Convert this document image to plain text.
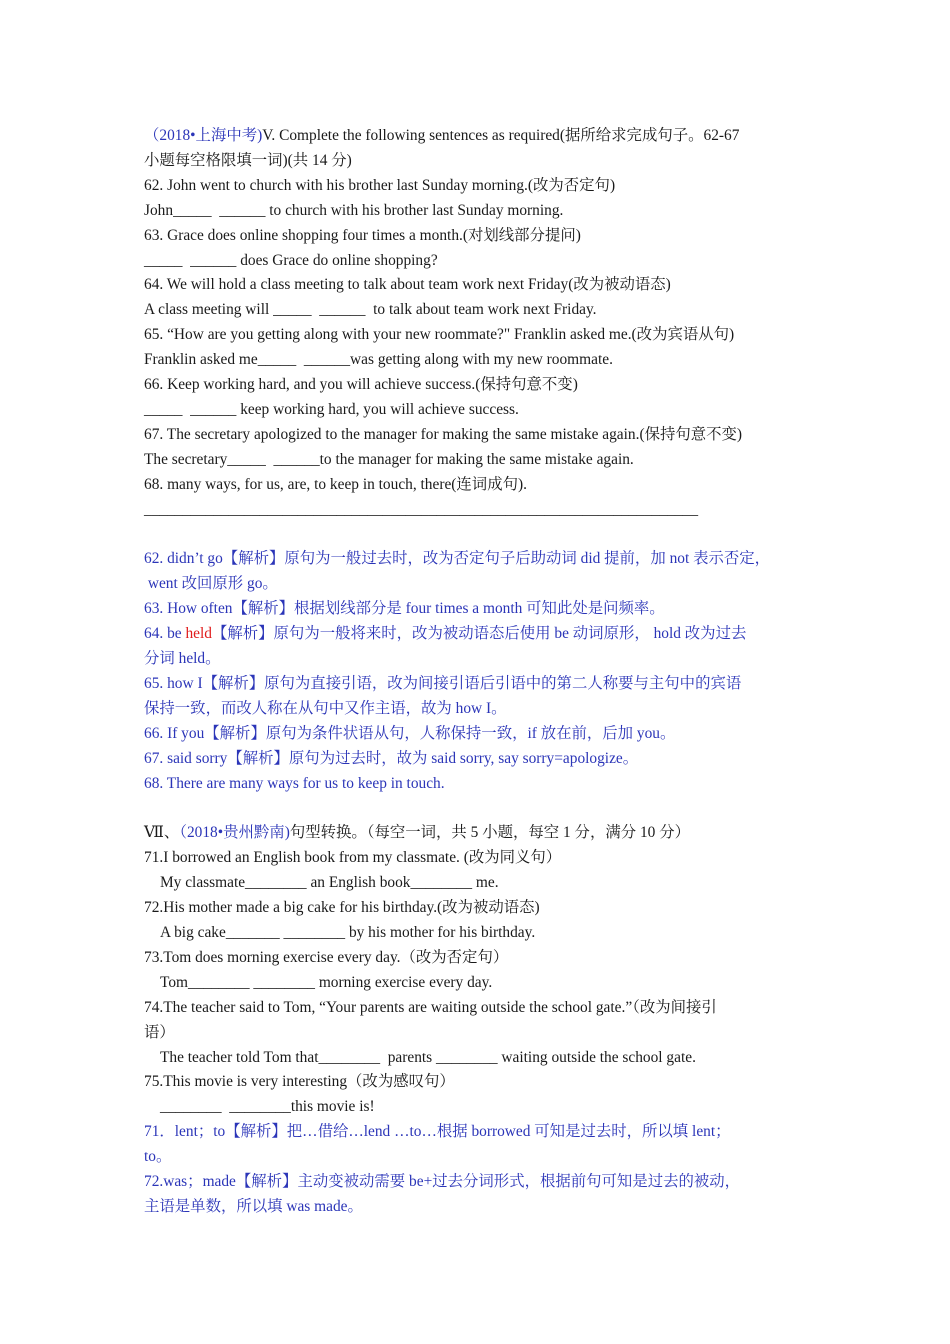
（2018•上海中考)V. Complete the following sentences as required(据所给求完成句子。62-67
小题每空格限填一词)(共 14 分)
62. John went to church with his brother last Sunday morning.(改为否定句)
John_____  ______ to church with his brother last Sunday morning.
63. Grace does online shopping four times a month.(对划线部分提问)
_____  ______ does Grace do online shopping?
64. We will hold a class meeting to talk about team work next Friday(改为被动语态)
A class meeting will _____  ______  to talk about team work next Friday.
65. “How are you getting along with your new roommate?" Franklin asked me.(改为宾语从句)
Franklin asked me_____  ______was getting along with my new roommate.
66. Keep working hard, and you will achieve success.(保持句意不变)
_____  ______ keep working hard, you will achieve success.
67. The secretary apologized to the manager for making the same mistake again.(保持句意不变)
The secretary_____  ______to the manager for making the same mistake again.
68. many ways, for us, are, to keep in touch, there(连词成句).
________________________________________________________________________
62. didn’t go【解析】原句为一般过去时，改为否定句子后助动词 did 提前，加 not 表示否定，
went 改回原形 go。
63. How often【解析】根据划线部分是 four times a month 可知此处是问频率。
64. be held【解析】原句为一般将来时，改为被动语态后使用 be 动词原形， hold 改为过去
分词 held。
65. how I【解析】原句为直接引语，改为间接引语后引语中的第二人称要与主句中的宾语
保持一致，而改人称在从句中又作主语，故为 how I。
66. If you【解析】原句为条件状语从句，人称保持一致，if 放在前，后加 you。
67. said sorry【解析】原句为过去时，故为 said sorry, say sorry=apologize。
68. There are many ways for us to keep in touch.
Ⅶ、（2018•贵州黔南)句型转换。（每空一词，共 5 小题，每空 1 分，满分 10 分）
71.I borrowed an English book from my classmate. (改为同义句）
My classmate________ an English book________ me.
72.His mother made a big cake for his birthday.(改为被动语态)
A big cake_______ ________ by his mother for his birthday.
73.Tom does morning exercise every day.（改为否定句）
Tom________ ________ morning exercise every day.
74.The teacher said to Tom, “Your parents are waiting outside the school gate.”（改为间接引
语）
The teacher told Tom that________  parents ________ waiting outside the school gate.
75.This movie is very interesting（改为感叹句）
________  ________this movie is!
71．lent；to【解析】把…借给…lend …to…根据 borrowed 可知是过去时，所以填 lent；
to。
72.was；made【解析】主动变被动需要 be+过去分词形式，根据前句可知是过去的被动，
主语是单数，所以填 was made。
